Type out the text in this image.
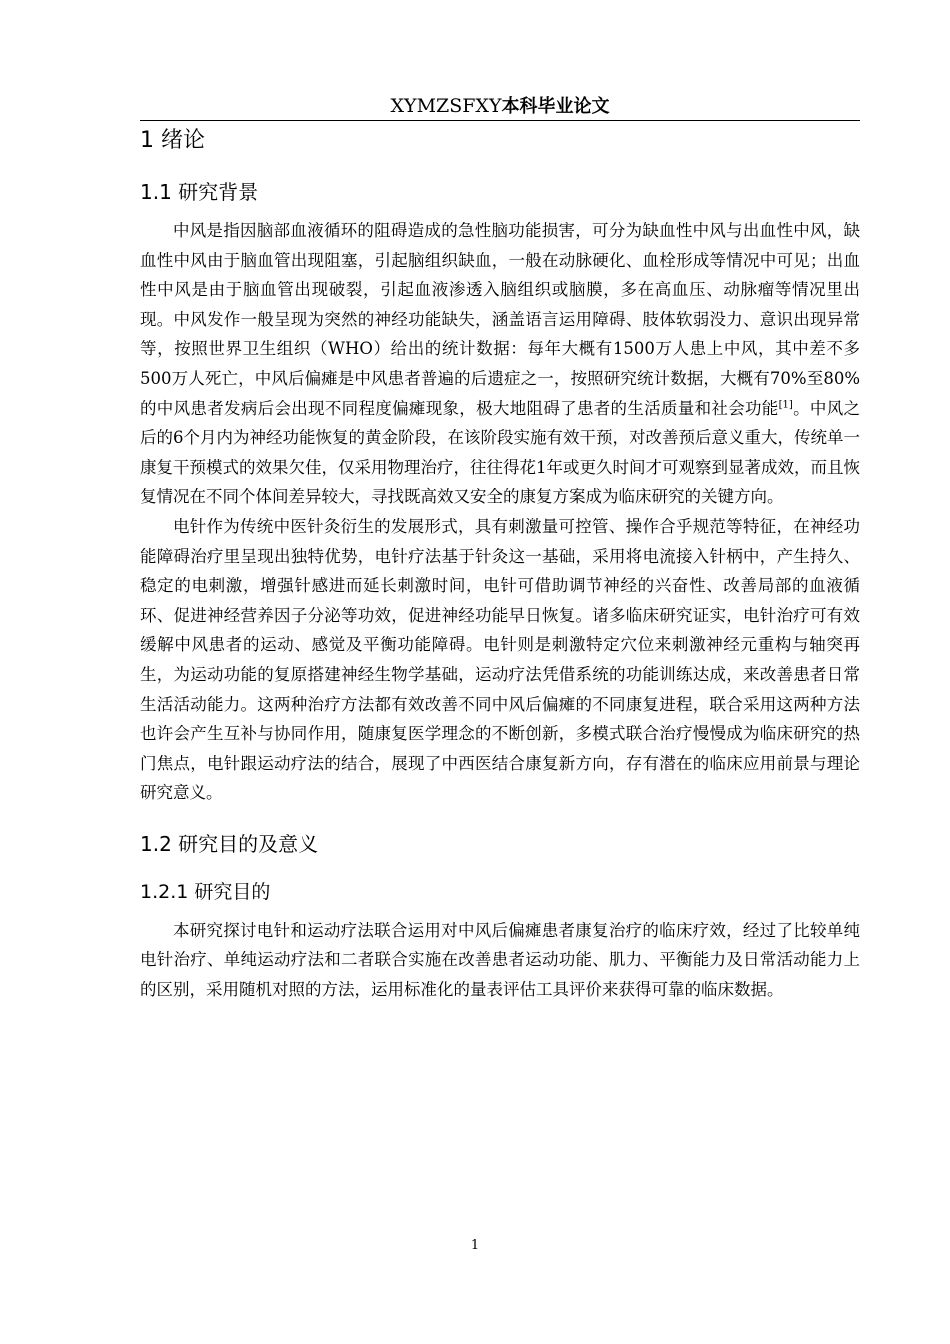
XYMZSFXY本科毕业论文
1 绪论
1.1 研究背景

中风是指因脑部血液循环的阻碍造成的急性脑功能损害，可分为缺血性中风与出血性中风，缺血性中风由于脑血管出现阻塞，引起脑组织缺血，一般在动脉硬化、血栓形成等情况中可见；出血性中风是由于脑血管出现破裂，引起血液渗透入脑组织或脑膜，多在高血压、动脉瘤等情况里出现。中风发作一般呈现为突然的神经功能缺失，涵盖语言运用障碍、肢体软弱没力、意识出现异常等，按照世界卫生组织（WHO）给出的统计数据：每年大概有1500万人患上中风，其中差不多500万人死亡，中风后偏瘫是中风患者普遍的后遗症之一，按照研究统计数据，大概有70%至80%的中风患者发病后会出现不同程度偏瘫现象，极大地阻碍了患者的生活质量和社会功能[1]。中风之后的6个月内为神经功能恢复的黄金阶段，在该阶段实施有效干预，对改善预后意义重大，传统单一康复干预模式的效果欠佳，仅采用物理治疗，往往得花1年或更久时间才可观察到显著成效，而且恢复情况在不同个体间差异较大，寻找既高效又安全的康复方案成为临床研究的关键方向。

电针作为传统中医针灸衍生的发展形式，具有刺激量可控管、操作合乎规范等特征，在神经功能障碍治疗里呈现出独特优势，电针疗法基于针灸这一基础，采用将电流接入针柄中，产生持久、稳定的电刺激，增强针感进而延长刺激时间，电针可借助调节神经的兴奋性、改善局部的血液循环、促进神经营养因子分泌等功效，促进神经功能早日恢复。诸多临床研究证实，电针治疗可有效缓解中风患者的运动、感觉及平衡功能障碍。电针则是刺激特定穴位来刺激神经元重构与轴突再生，为运动功能的复原搭建神经生物学基础，运动疗法凭借系统的功能训练达成，来改善患者日常生活活动能力。这两种治疗方法都有效改善不同中风后偏瘫的不同康复进程，联合采用这两种方法也许会产生互补与协同作用，随康复医学理念的不断创新，多模式联合治疗慢慢成为临床研究的热门焦点，电针跟运动疗法的结合，展现了中西医结合康复新方向，存有潜在的临床应用前景与理论研究意义。

1.2 研究目的及意义
1.2.1 研究目的

本研究探讨电针和运动疗法联合运用对中风后偏瘫患者康复治疗的临床疗效，经过了比较单纯电针治疗、单纯运动疗法和二者联合实施在改善患者运动功能、肌力、平衡能力及日常活动能力上的区别，采用随机对照的方法，运用标准化的量表评估工具评价来获得可靠的临床数据。

1
